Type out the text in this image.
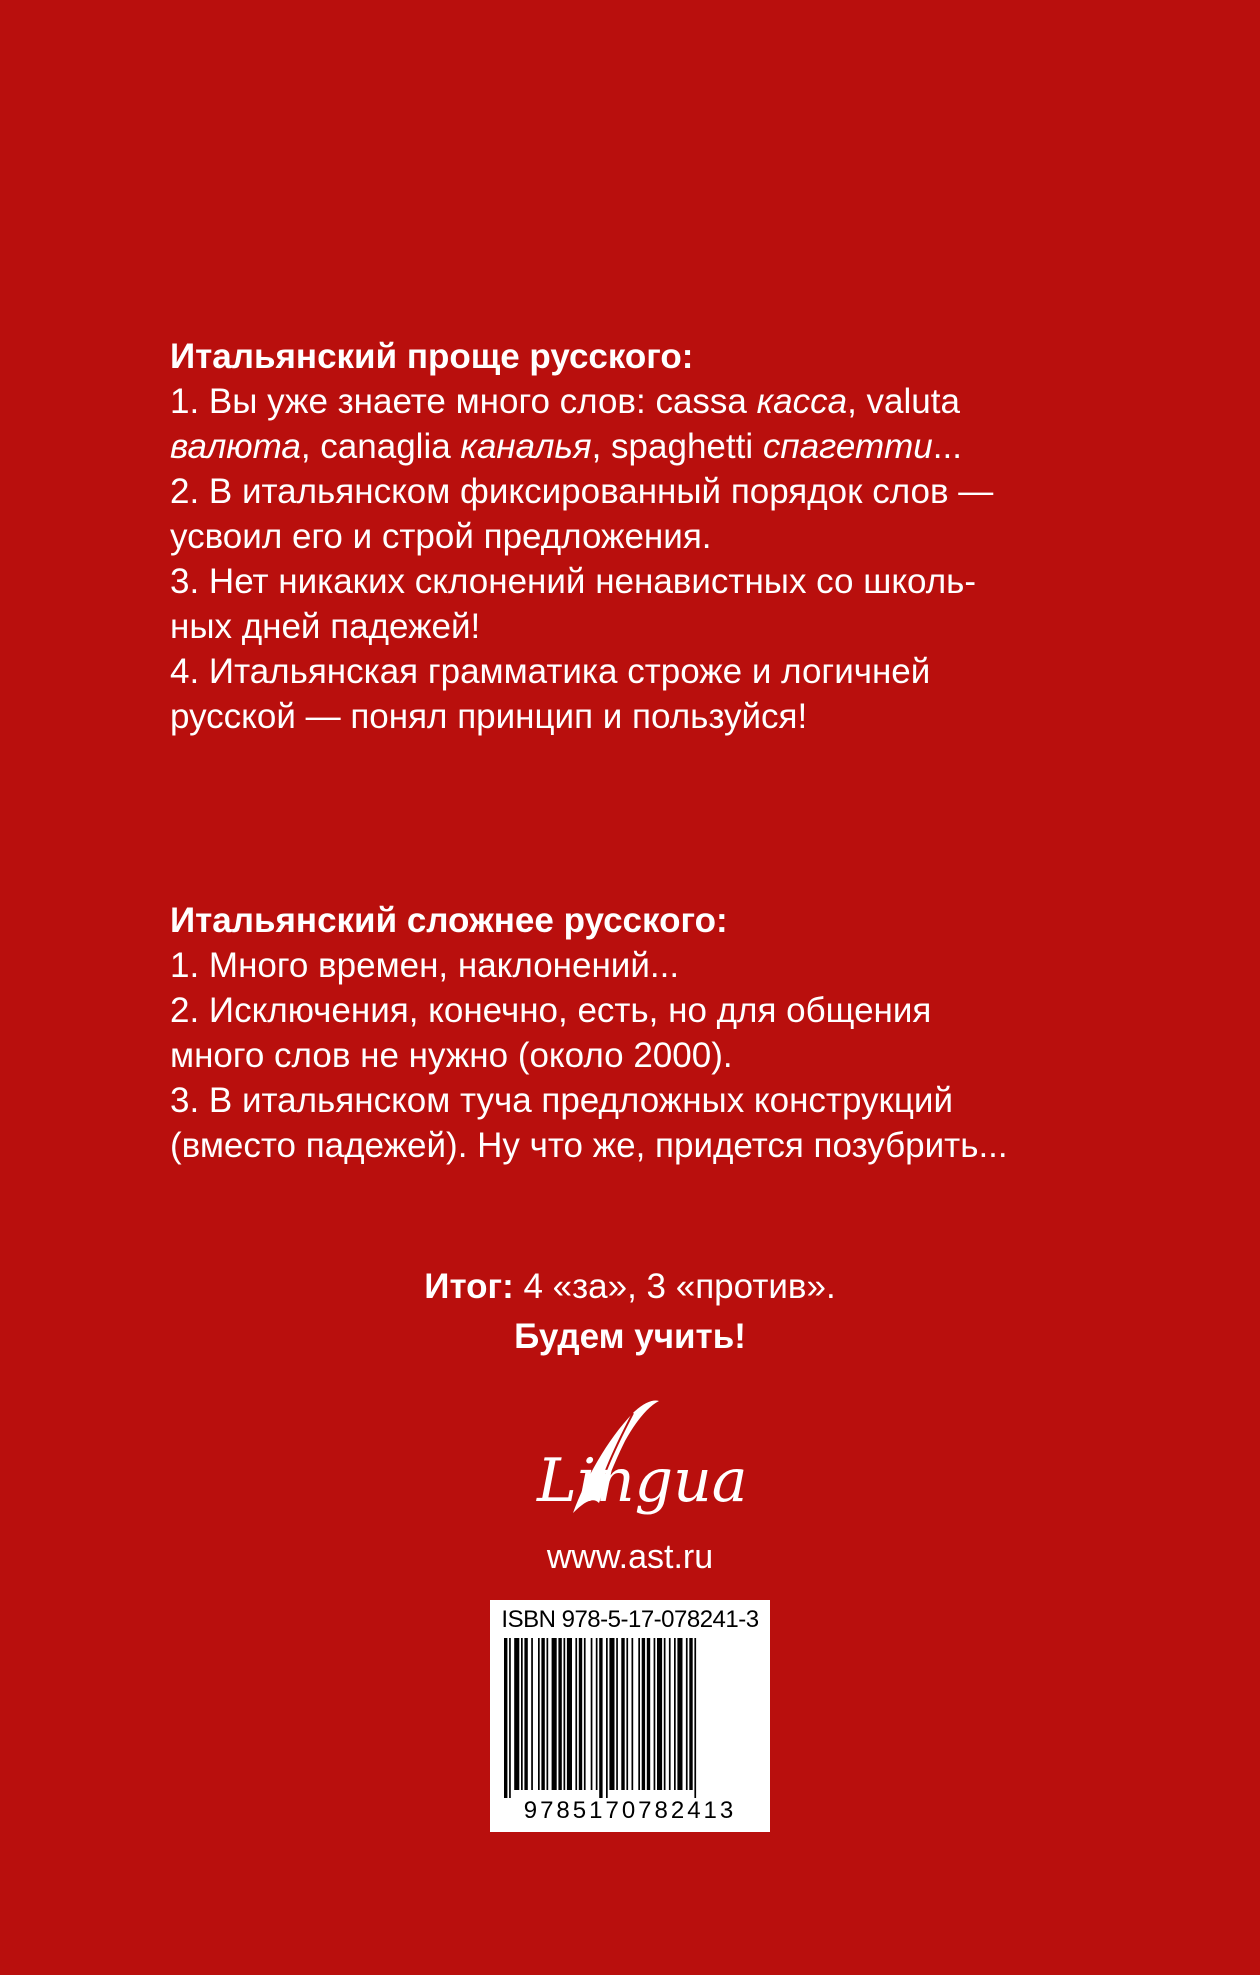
Итальянский проще русского:
1. Вы уже знаете много слов: cassa касса, valuta
валюта, canaglia каналья, spaghetti спагетти...
2. В итальянском фиксированный порядок слов —
усвоил его и строй предложения.
3. Нет никаких склонений ненавистных со школь-
ных дней падежей!
4. Итальянская грамматика строже и логичней
русской — понял принцип и пользуйся!
Итальянский сложнее русского:
1. Много времен, наклонений...
2. Исключения, конечно, есть, но для общения
много слов не нужно (около 2000).
3. В итальянском туча предложных конструкций
(вместо падежей). Ну что же, придется позубрить...
Итог: 4 «за», 3 «против».
Будем учить!
Lingua
www.ast.ru
ISBN 978-5-17-078241-3
9785170782413
